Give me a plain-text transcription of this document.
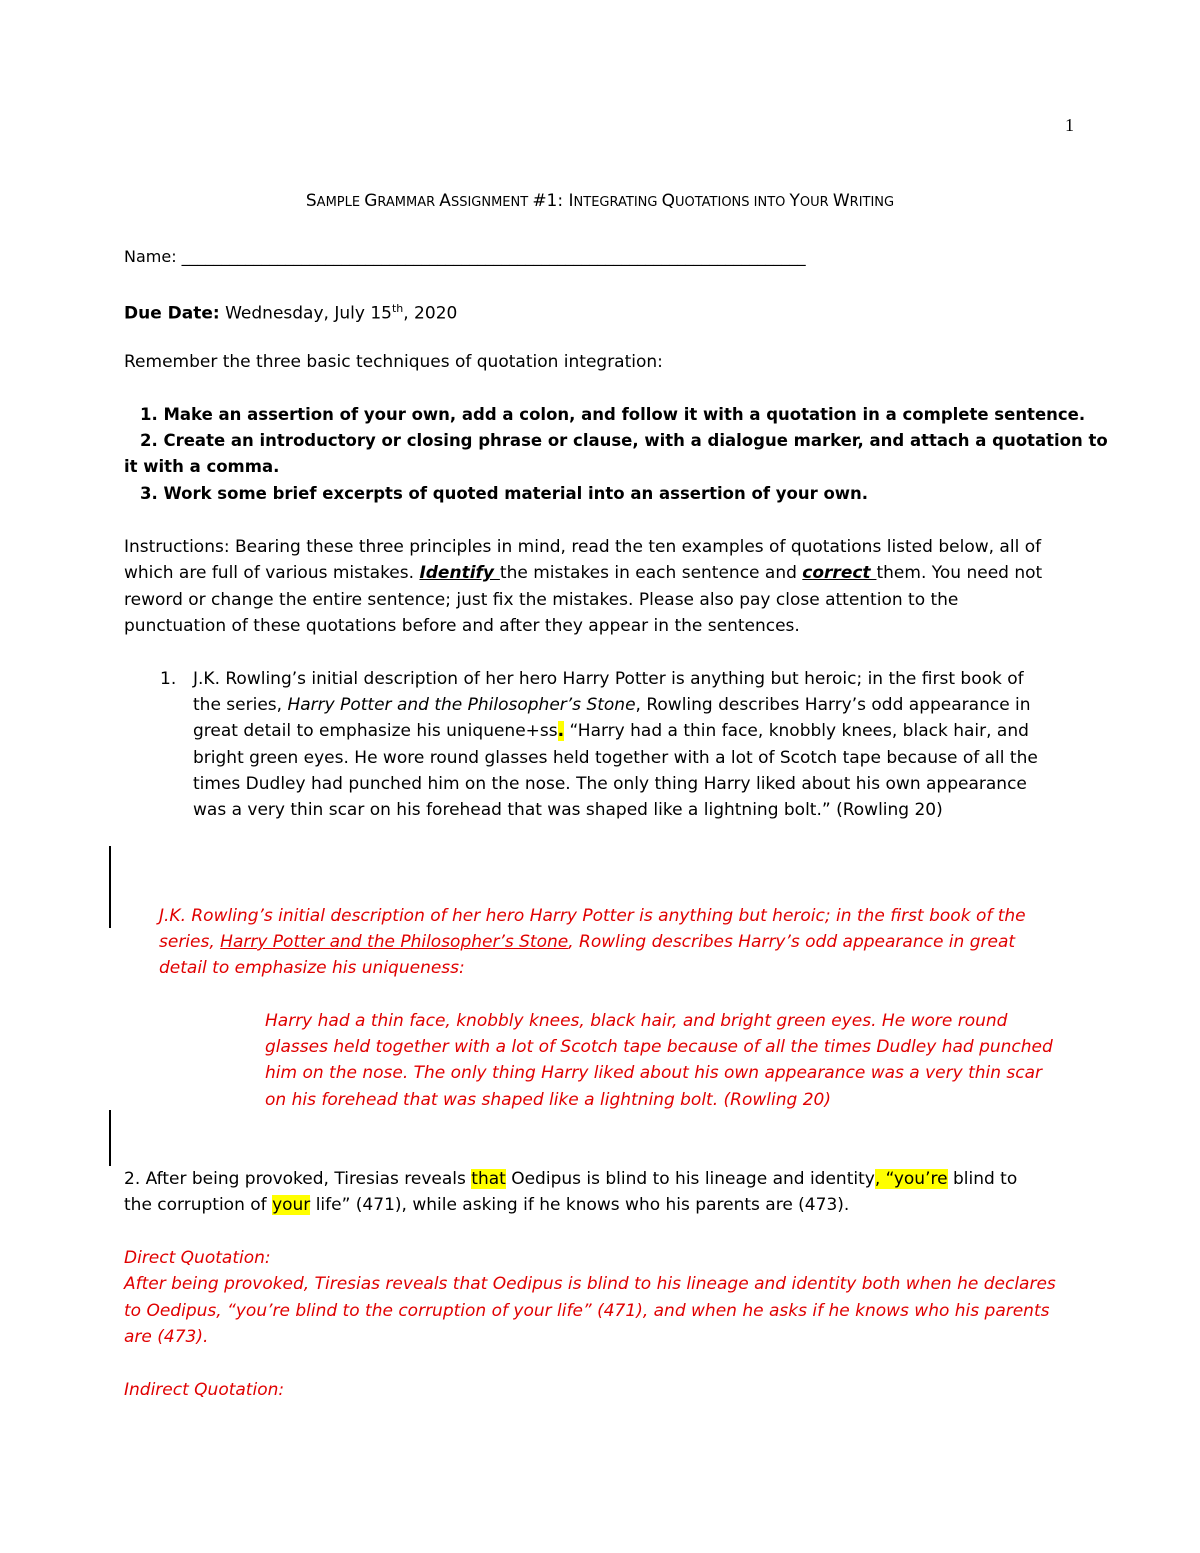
1
SAMPLE GRAMMAR ASSIGNMENT #1: INTEGRATING QUOTATIONS INTO YOUR WRITING
Name: ______________________________________________________________________________
Due Date: Wednesday, July 15th, 2020
Remember the three basic techniques of quotation integration:
1. Make an assertion of your own, add a colon, and follow it with a quotation in a complete sentence.
2. Create an introductory or closing phrase or clause, with a dialogue marker, and attach a quotation to
it with a comma.
3. Work some brief excerpts of quoted material into an assertion of your own.
Instructions: Bearing these three principles in mind, read the ten examples of quotations listed below, all of
which are full of various mistakes. Identify the mistakes in each sentence and correct them. You need not
reword or change the entire sentence; just fix the mistakes. Please also pay close attention to the
punctuation of these quotations before and after they appear in the sentences.
1. J.K. Rowling’s initial description of her hero Harry Potter is anything but heroic; in the first book of
the series, Harry Potter and the Philosopher’s Stone, Rowling describes Harry’s odd appearance in
great detail to emphasize his uniquene+ss. “Harry had a thin face, knobbly knees, black hair, and
bright green eyes. He wore round glasses held together with a lot of Scotch tape because of all the
times Dudley had punched him on the nose. The only thing Harry liked about his own appearance
was a very thin scar on his forehead that was shaped like a lightning bolt.” (Rowling 20)
J.K. Rowling’s initial description of her hero Harry Potter is anything but heroic; in the first book of the
series, Harry Potter and the Philosopher’s Stone, Rowling describes Harry’s odd appearance in great
detail to emphasize his uniqueness:
Harry had a thin face, knobbly knees, black hair, and bright green eyes. He wore round
glasses held together with a lot of Scotch tape because of all the times Dudley had punched
him on the nose. The only thing Harry liked about his own appearance was a very thin scar
on his forehead that was shaped like a lightning bolt. (Rowling 20)
2. After being provoked, Tiresias reveals that Oedipus is blind to his lineage and identity, “you’re blind to
the corruption of your life” (471), while asking if he knows who his parents are (473).
Direct Quotation:
After being provoked, Tiresias reveals that Oedipus is blind to his lineage and identity both when he declares
to Oedipus, “you’re blind to the corruption of your life” (471), and when he asks if he knows who his parents
are (473).
Indirect Quotation:
